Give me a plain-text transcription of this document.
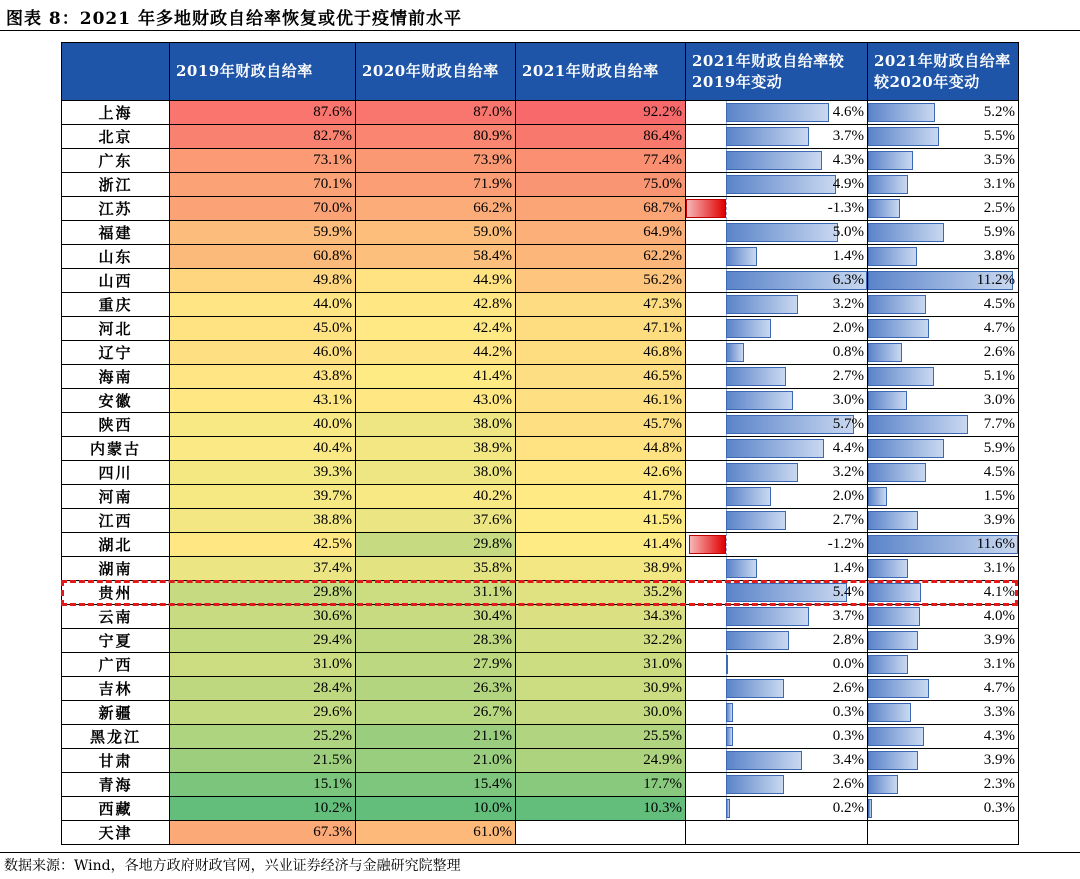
图表 8：2021 年多地财政自给率恢复或优于疫情前水平
	2019年财政自给率	2020年财政自给率	2021年财政自给率	2021年财政自给率较2019年变动	2021年财政自给率较2020年变动
上海	87.6%	87.0%	92.2%	4.6%	5.2%

北京	82.7%	80.9%	86.4%	3.7%	5.5%

广东	73.1%	73.9%	77.4%	4.3%	3.5%

浙江	70.1%	71.9%	75.0%	4.9%	3.1%

江苏	70.0%	66.2%	68.7%	-1.3%	2.5%

福建	59.9%	59.0%	64.9%	5.0%	5.9%

山东	60.8%	58.4%	62.2%	1.4%	3.8%

山西	49.8%	44.9%	56.2%	6.3%	11.2%

重庆	44.0%	42.8%	47.3%	3.2%	4.5%

河北	45.0%	42.4%	47.1%	2.0%	4.7%

辽宁	46.0%	44.2%	46.8%	0.8%	2.6%

海南	43.8%	41.4%	46.5%	2.7%	5.1%

安徽	43.1%	43.0%	46.1%	3.0%	3.0%

陕西	40.0%	38.0%	45.7%	5.7%	7.7%

内蒙古	40.4%	38.9%	44.8%	4.4%	5.9%

四川	39.3%	38.0%	42.6%	3.2%	4.5%

河南	39.7%	40.2%	41.7%	2.0%	1.5%

江西	38.8%	37.6%	41.5%	2.7%	3.9%

湖北	42.5%	29.8%	41.4%	-1.2%	11.6%

湖南	37.4%	35.8%	38.9%	1.4%	3.1%

贵州	29.8%	31.1%	35.2%	5.4%	4.1%

云南	30.6%	30.4%	34.3%	3.7%	4.0%

宁夏	29.4%	28.3%	32.2%	2.8%	3.9%

广西	31.0%	27.9%	31.0%	0.0%	3.1%

吉林	28.4%	26.3%	30.9%	2.6%	4.7%

新疆	29.6%	26.7%	30.0%	0.3%	3.3%

黑龙江	25.2%	21.1%	25.5%	0.3%	4.3%

甘肃	21.5%	21.0%	24.9%	3.4%	3.9%

青海	15.1%	15.4%	17.7%	2.6%	2.3%

西藏	10.2%	10.0%	10.3%	0.2%	0.3%

天津	67.3%	61.0%			
数据来源：Wind，各地方政府财政官网，兴业证券经济与金融研究院整理
